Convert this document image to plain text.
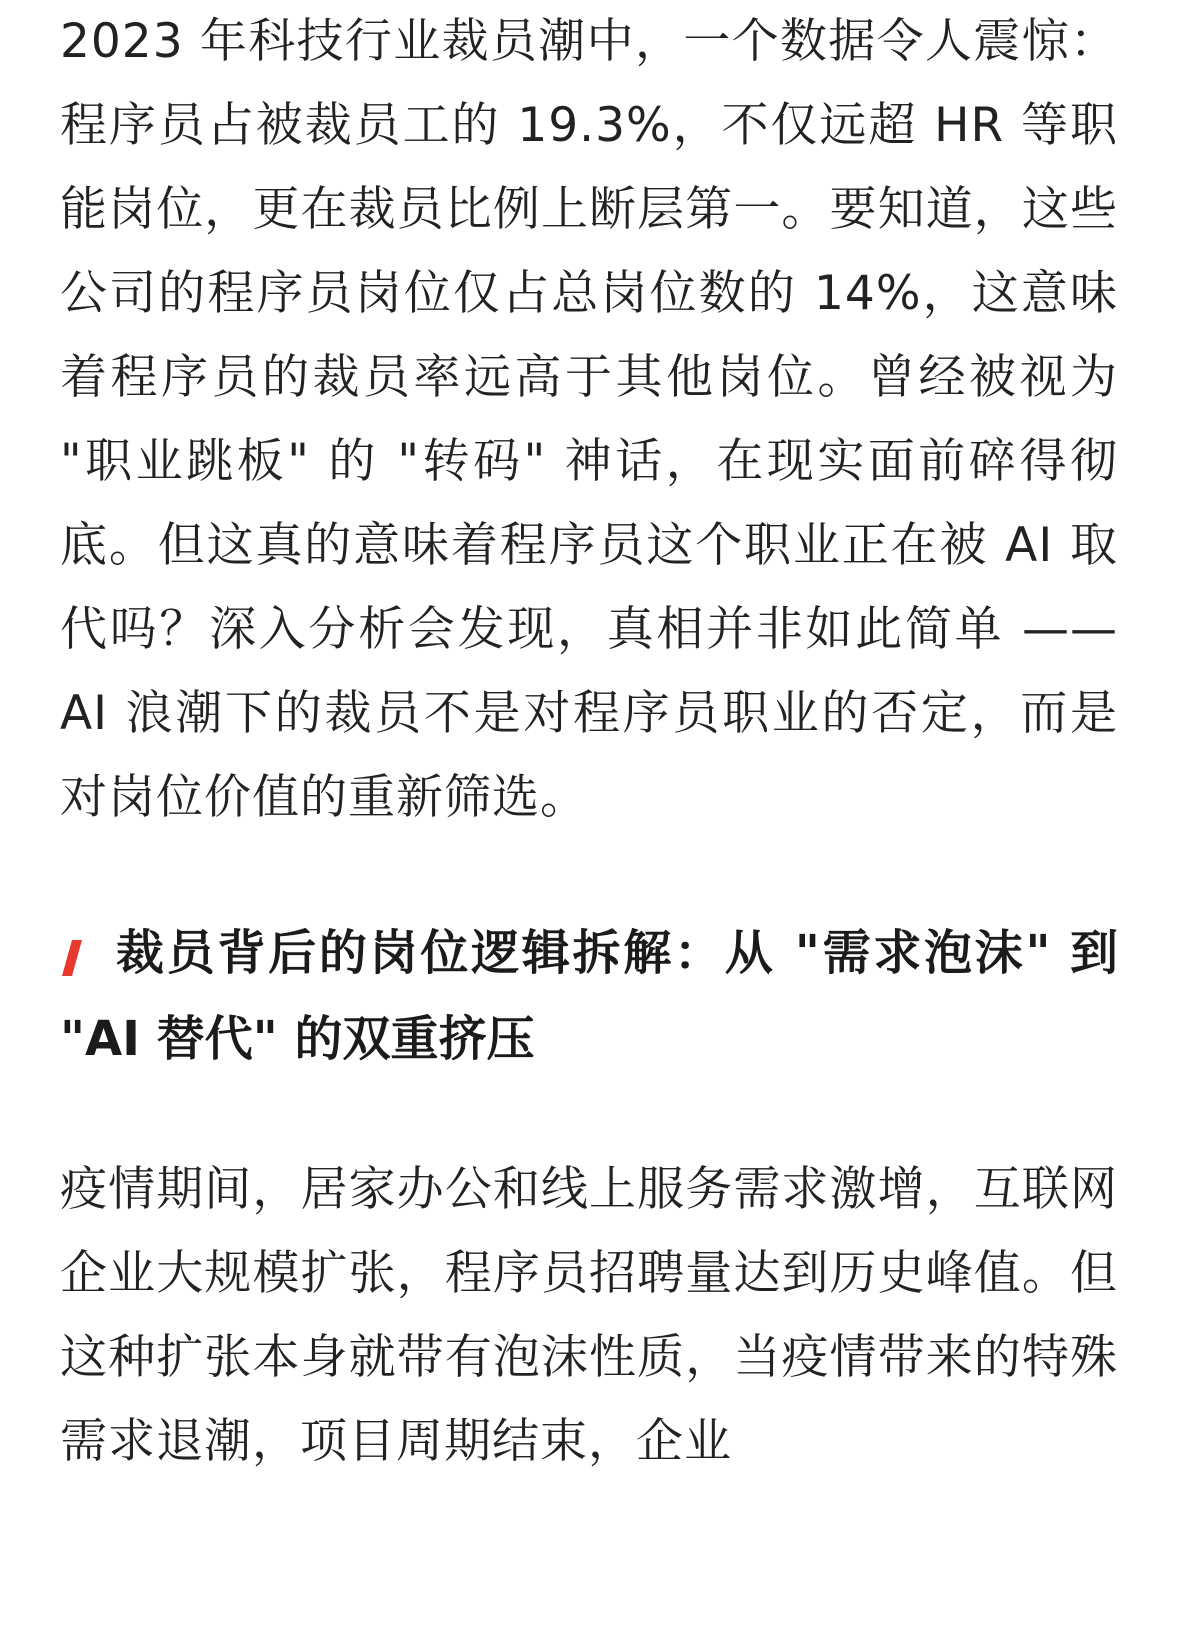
2023 年科技行业裁员潮中，一个数据令人震惊：程序员占被裁员工的 19.3%，不仅远超 HR 等职能岗位，更在裁员比例上断层第一。要知道，这些公司的程序员岗位仅占总岗位数的 14%，这意味着程序员的裁员率远高于其他岗位。曾经被视为 "职业跳板" 的 "转码" 神话，在现实面前碎得彻底。但这真的意味着程序员这个职业正在被 AI 取代吗？深入分析会发现，真相并非如此简单 ——AI 浪潮下的裁员不是对程序员职业的否定，而是对岗位价值的重新筛选。

裁员背后的岗位逻辑拆解：从 "需求泡沫" 到 "AI 替代" 的双重挤压

疫情期间，居家办公和线上服务需求激增，互联网企业大规模扩张，程序员招聘量达到历史峰值。但这种扩张本身就带有泡沫性质，当疫情带来的特殊需求退潮，项目周期结束，企业
